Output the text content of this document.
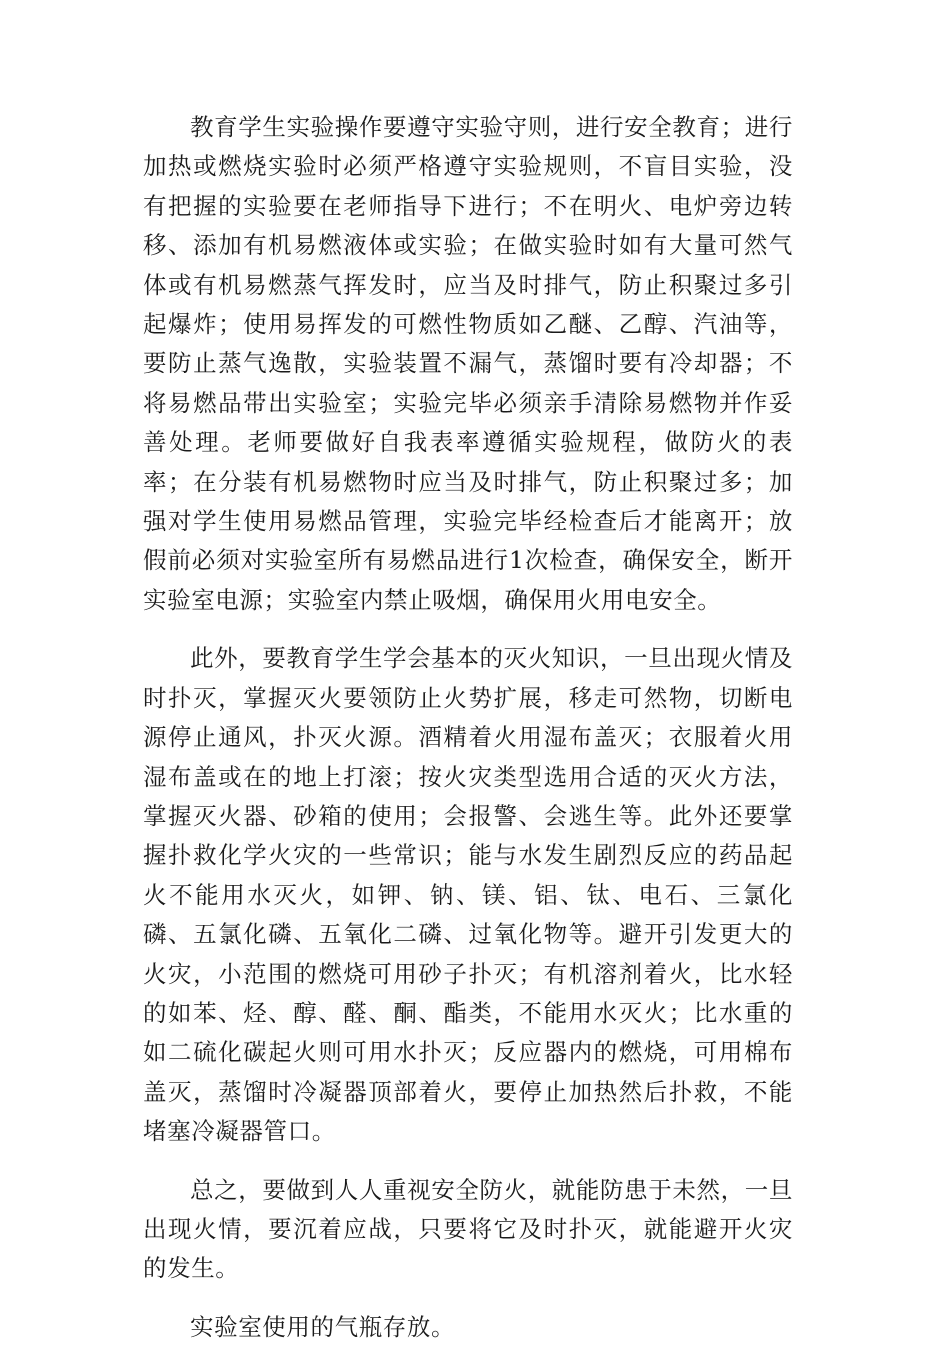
教育学生实验操作要遵守实验守则，进行安全教育；进行加热或燃烧实验时必须严格遵守实验规则，不盲目实验，没有把握的实验要在老师指导下进行；不在明火、电炉旁边转移、添加有机易燃液体或实验；在做实验时如有大量可然气体或有机易燃蒸气挥发时，应当及时排气，防止积聚过多引起爆炸；使用易挥发的可燃性物质如乙醚、乙醇、汽油等，要防止蒸气逸散，实验装置不漏气，蒸馏时要有冷却器；不将易燃品带出实验室；实验完毕必须亲手清除易燃物并作妥善处理。老师要做好自我表率遵循实验规程，做防火的表率；在分装有机易燃物时应当及时排气，防止积聚过多；加强对学生使用易燃品管理，实验完毕经检查后才能离开；放假前必须对实验室所有易燃品进行1次检查，确保安全，断开实验室电源；实验室内禁止吸烟，确保用火用电安全。

此外，要教育学生学会基本的灭火知识，一旦出现火情及时扑灭，掌握灭火要领防止火势扩展，移走可然物，切断电源停止通风，扑灭火源。酒精着火用湿布盖灭；衣服着火用湿布盖或在的地上打滚；按火灾类型选用合适的灭火方法，掌握灭火器、砂箱的使用；会报警、会逃生等。此外还要掌握扑救化学火灾的一些常识；能与水发生剧烈反应的药品起火不能用水灭火，如钾、钠、镁、铝、钛、电石、三氯化磷、五氯化磷、五氧化二磷、过氧化物等。避开引发更大的火灾，小范围的燃烧可用砂子扑灭；有机溶剂着火，比水轻的如苯、烃、醇、醛、酮、酯类，不能用水灭火；比水重的如二硫化碳起火则可用水扑灭；反应器内的燃烧，可用棉布盖灭，蒸馏时冷凝器顶部着火，要停止加热然后扑救，不能堵塞冷凝器管口。

总之，要做到人人重视安全防火，就能防患于未然，一旦出现火情，要沉着应战，只要将它及时扑灭，就能避开火灾的发生。

实验室使用的气瓶存放。
